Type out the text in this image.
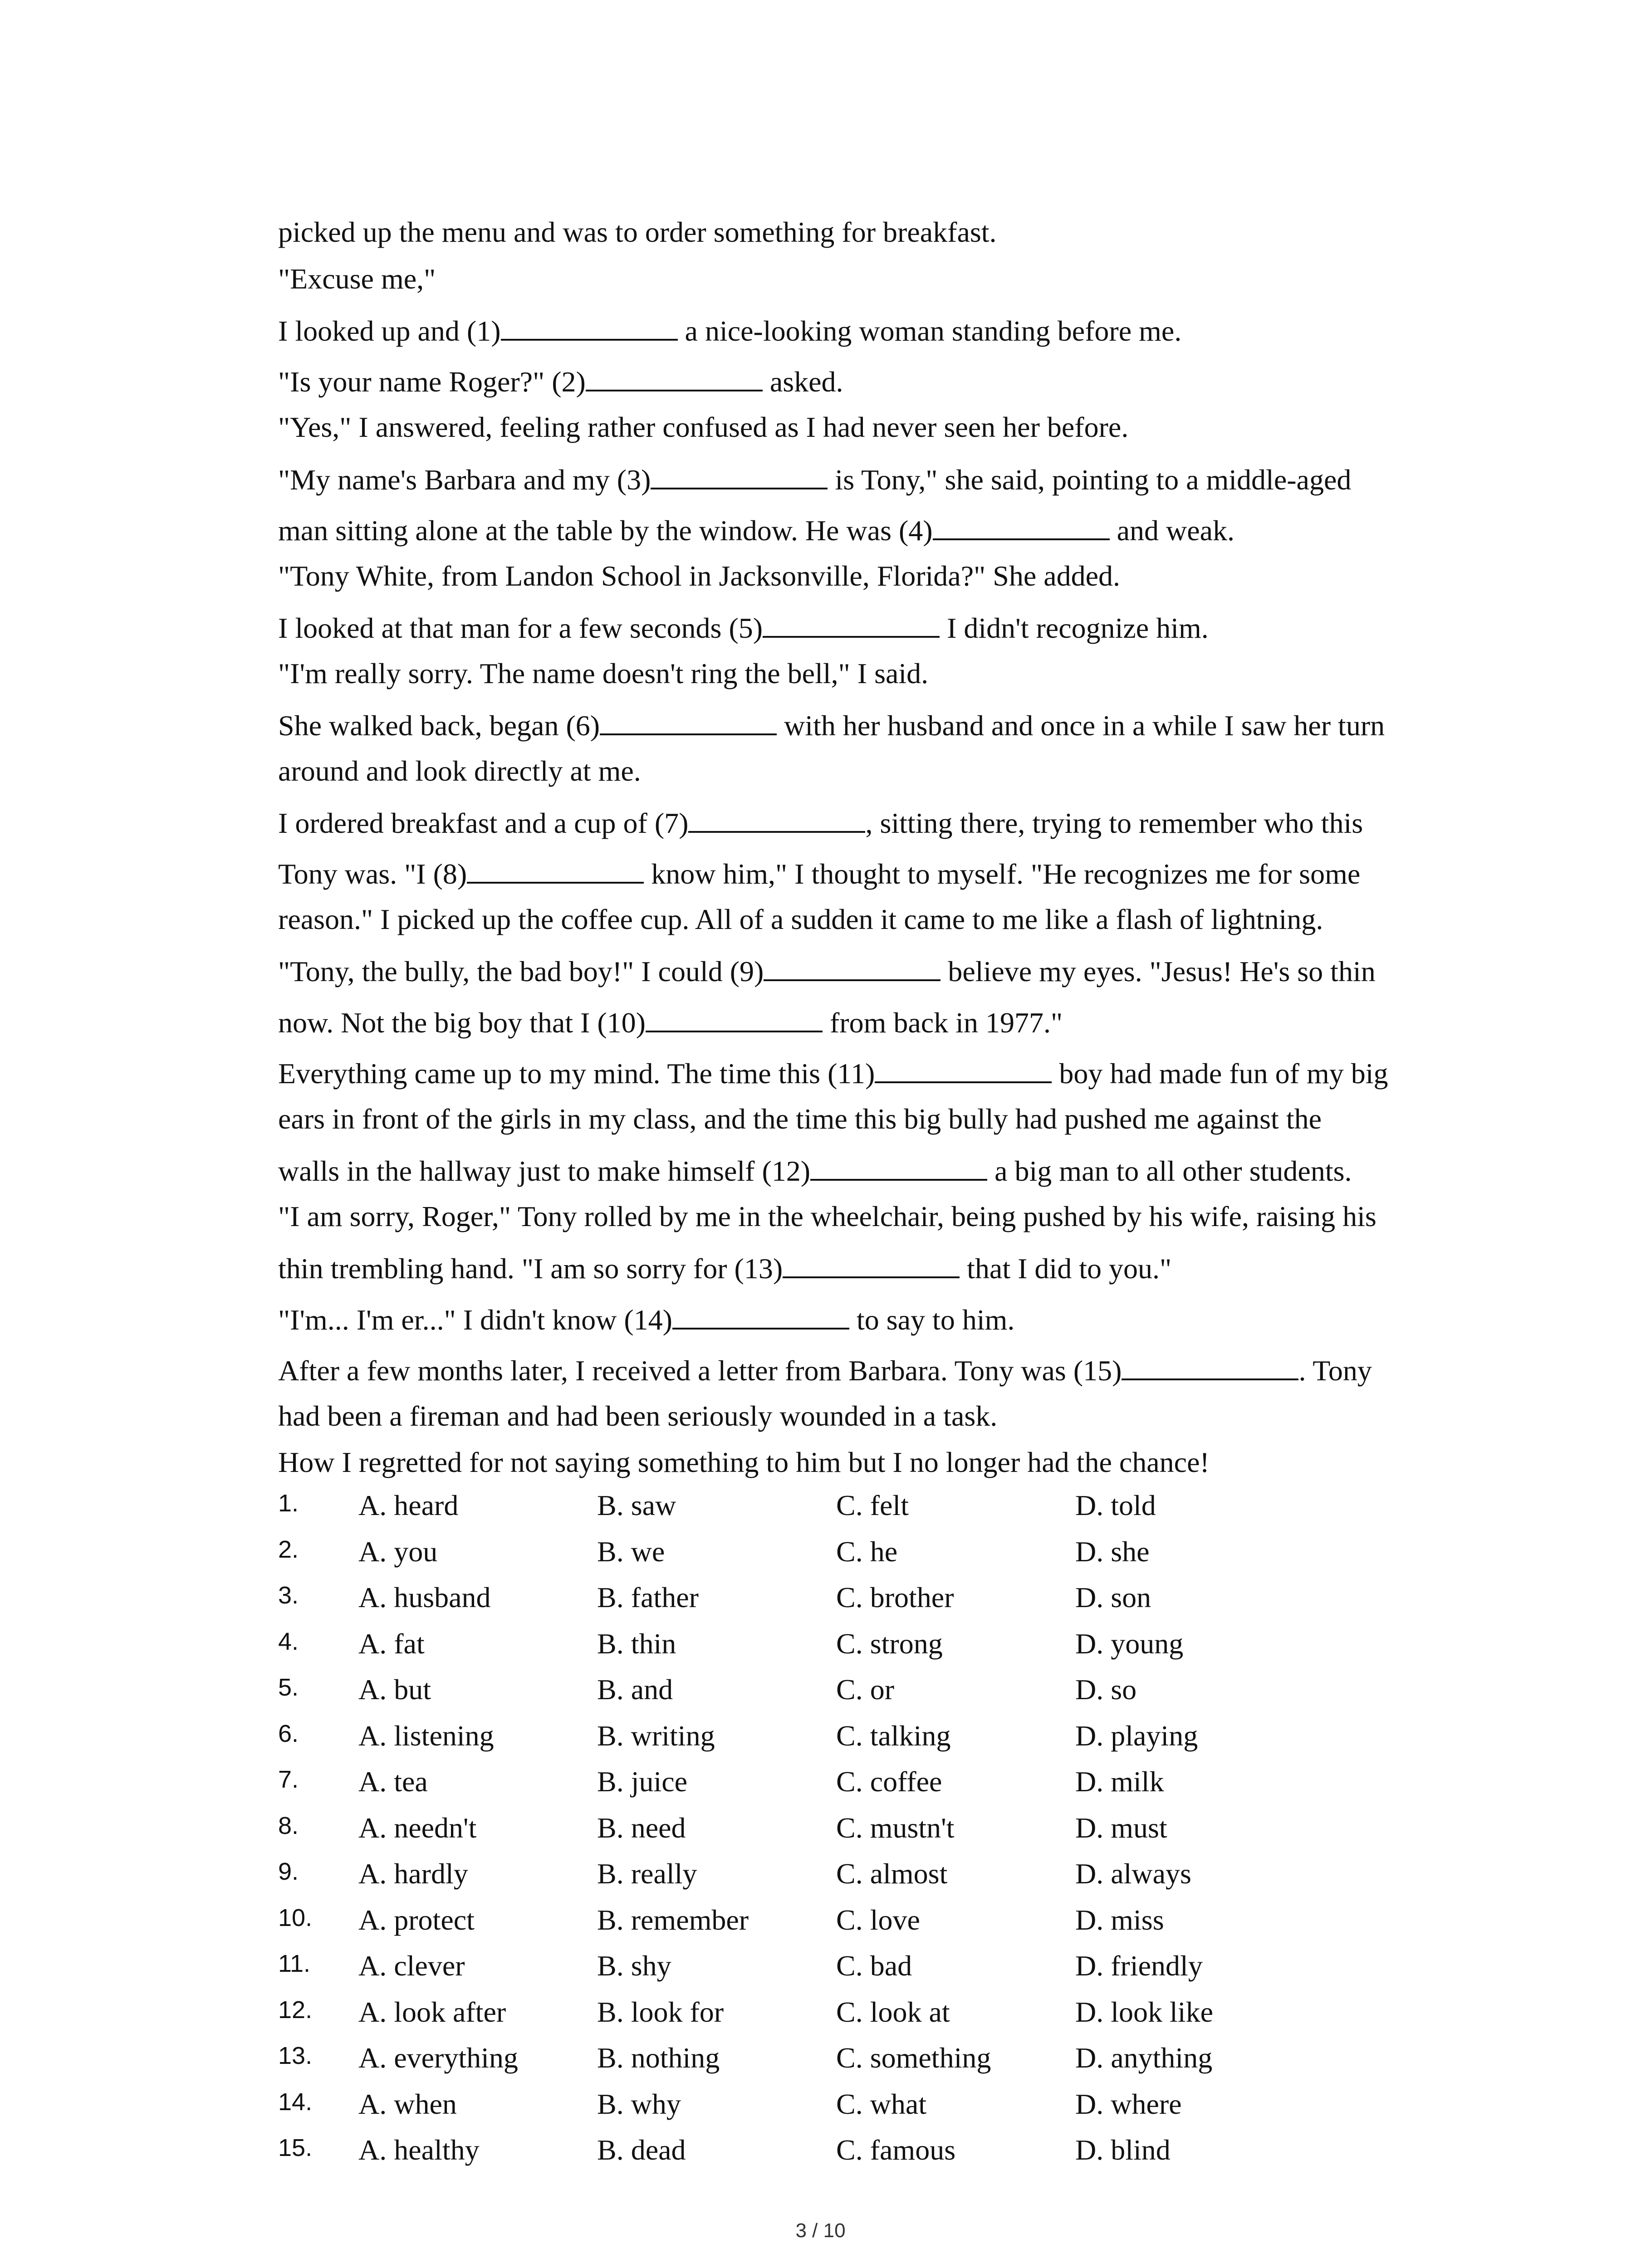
picked up the menu and was to order something for breakfast.
"Excuse me,"
I looked up and (1)	a nice-looking woman standing before me.
"Is your name Roger?" (2)	asked.
"Yes," I answered, feeling rather confused as I had never seen her before.
"My name's Barbara and my (3)	is Tony," she said, pointing to a middle-aged
man sitting alone at the table by the window. He was (4)	and weak.
"Tony White, from Landon School in Jacksonville, Florida?" She added.
I looked at that man for a few seconds (5)	I didn't recognize him.
"I'm really sorry. The name doesn't ring the bell," I said.
She walked back, began (6)	with her husband and once in a while I saw her turn
around and look directly at me.
I ordered breakfast and a cup of (7)	, sitting there, trying to remember who this
Tony was. "I (8)	know him," I thought to myself. "He recognizes me for some
reason." I picked up the coffee cup. All of a sudden it came to me like a flash of lightning.
"Tony, the bully, the bad boy!" I could (9)	believe my eyes. "Jesus! He's so thin
now. Not the big boy that I (10)	from back in 1977."
Everything came up to my mind. The time this (11)	boy had made fun of my big
ears in front of the girls in my class, and the time this big bully had pushed me against the
walls in the hallway just to make himself (12)	a big man to all other students.
"I am sorry, Roger," Tony rolled by me in the wheelchair, being pushed by his wife, raising his
thin trembling hand. "I am so sorry for (13)	that I did to you."
"I'm... I'm er..." I didn't know (14)	to say to him.
After a few months later, I received a letter from Barbara. Tony was (15)	. Tony
had been a fireman and had been seriously wounded in a task.
How I regretted for not saying something to him but I no longer had the chance!
1. A. heard	B. saw	C. felt	D. told
2. A. you	B. we	C. he	D. she
3. A. husband	B. father	C. brother	D. son
4. A. fat	B. thin	C. strong	D. young
5. A. but	B. and	C. or	D. so
6. A. listening	B. writing	C. talking	D. playing
7. A. tea	B. juice	C. coffee	D. milk
8. A. needn't	B. need	C. mustn't	D. must
9. A. hardly	B. really	C. almost	D. always
10. A. protect	B. remember	C. love	D. miss
11. A. clever	B. shy	C. bad	D. friendly
12. A. look after	B. look for	C. look at	D. look like
13. A. everything	B. nothing	C. something	D. anything
14. A. when	B. why	C. what	D. where
15. A. healthy	B. dead	C. famous	D. blind
3 / 10
